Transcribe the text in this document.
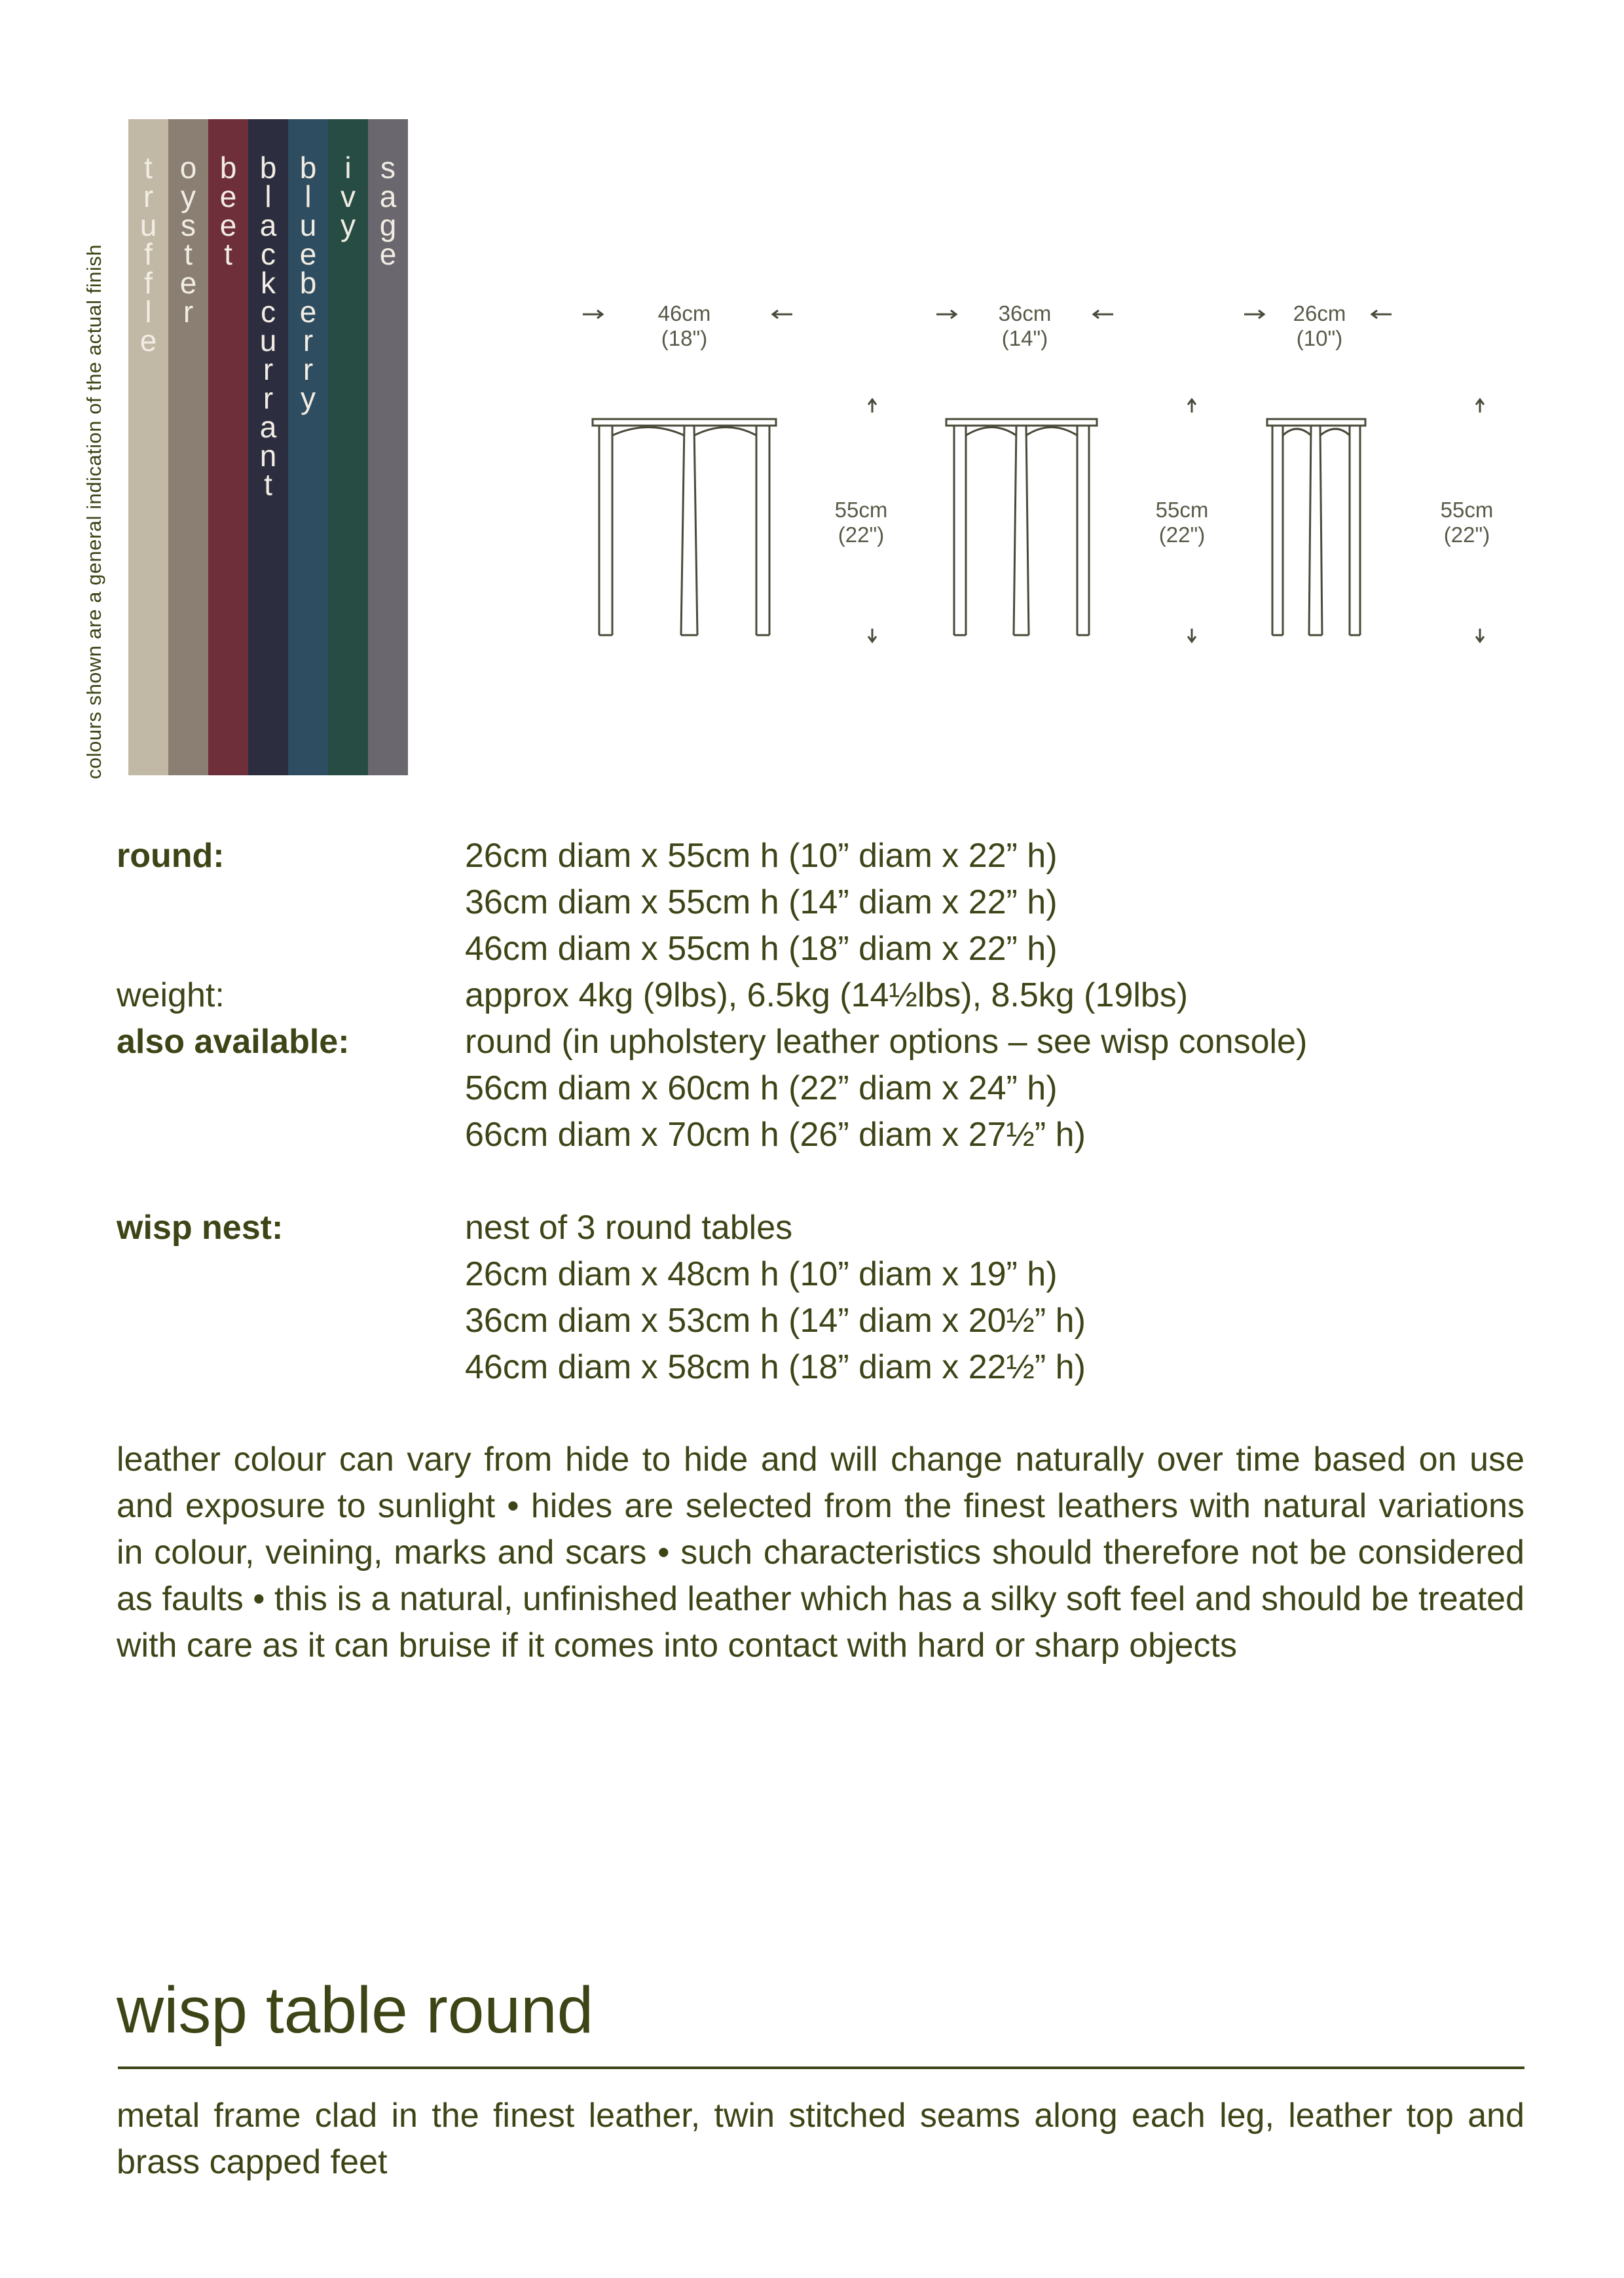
colours shown are a general indication of the actual finish
t
r
u
f
f
l
e
o
y
s
t
e
r
b
e
e
t
b
l
a
c
k
c
u
r
r
a
n
t
b
l
u
e
b
e
r
r
y
i
v
y
s
a
g
e
46cm
(18")
55cm
(22")
36cm
(14")
55cm
(22")
26cm
(10")
55cm
(22")
round:	26cm diam x 55cm h (10” diam x 22” h)
36cm diam x 55cm h (14” diam x 22” h)
46cm diam x 55cm h (18” diam x 22” h)
weight:	approx 4kg (9lbs), 6.5kg (14½lbs), 8.5kg (19lbs)
also available:	round (in upholstery leather options – see wisp console)
56cm diam x 60cm h (22” diam x 24” h)
66cm diam x 70cm h (26” diam x 27½” h)
wisp nest:	nest of 3 round tables
26cm diam x 48cm h (10” diam x 19” h)
36cm diam x 53cm h (14” diam x 20½” h)
46cm diam x 58cm h (18” diam x 22½” h)
leather colour can vary from hide to hide and will change naturally over time based on use and exposure to sunlight • hides are selected from the finest leathers with natural variations in colour, veining, marks and scars • such characteristics should therefore not be considered as faults • this is a natural, unfinished leather which has a silky soft feel and should be treated with care as it can bruise if it comes into contact with hard or sharp objects
wisp table round
metal frame clad in the finest leather, twin stitched seams along each leg, leather top and brass capped feet
